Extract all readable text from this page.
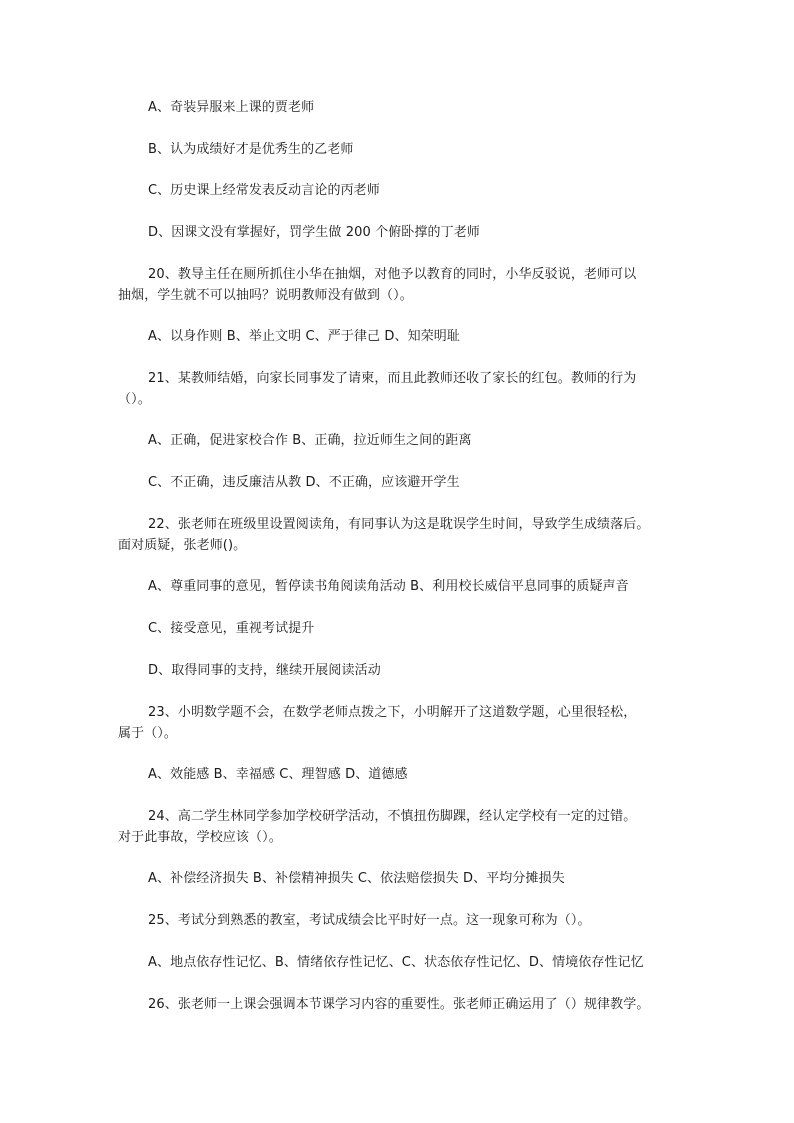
A、奇装异服来上课的贾老师
B、认为成绩好才是优秀生的乙老师
C、历史课上经常发表反动言论的丙老师
D、因课文没有掌握好，罚学生做 200 个俯卧撑的丁老师
20、教导主任在厕所抓住小华在抽烟，对他予以教育的同时，小华反驳说，老师可以
抽烟，学生就不可以抽吗？说明教师没有做到（）。
A、以身作则 B、举止文明 C、严于律己 D、知荣明耻
21、某教师结婚，向家长同事发了请柬，而且此教师还收了家长的红包。教师的行为
（）。
A、正确，促进家校合作 B、正确，拉近师生之间的距离
C、不正确，违反廉洁从教 D、不正确，应该避开学生
22、张老师在班级里设置阅读角，有同事认为这是耽误学生时间，导致学生成绩落后。
面对质疑，张老师()。
A、尊重同事的意见，暂停读书角阅读角活动 B、利用校长威信平息同事的质疑声音
C、接受意见，重视考试提升
D、取得同事的支持，继续开展阅读活动
23、小明数学题不会，在数学老师点拨之下，小明解开了这道数学题，心里很轻松，
属于（）。
A、效能感 B、幸福感 C、理智感 D、道德感
24、高二学生林同学参加学校研学活动，不慎扭伤脚踝，经认定学校有一定的过错。
对于此事故，学校应该（）。
A、补偿经济损失 B、补偿精神损失 C、依法赔偿损失 D、平均分摊损失
25、考试分到熟悉的教室，考试成绩会比平时好一点。这一现象可称为（）。
A、地点依存性记忆、B、情绪依存性记忆、C、状态依存性记忆、D、情境依存性记忆
26、张老师一上课会强调本节课学习内容的重要性。张老师正确运用了（）规律教学。
